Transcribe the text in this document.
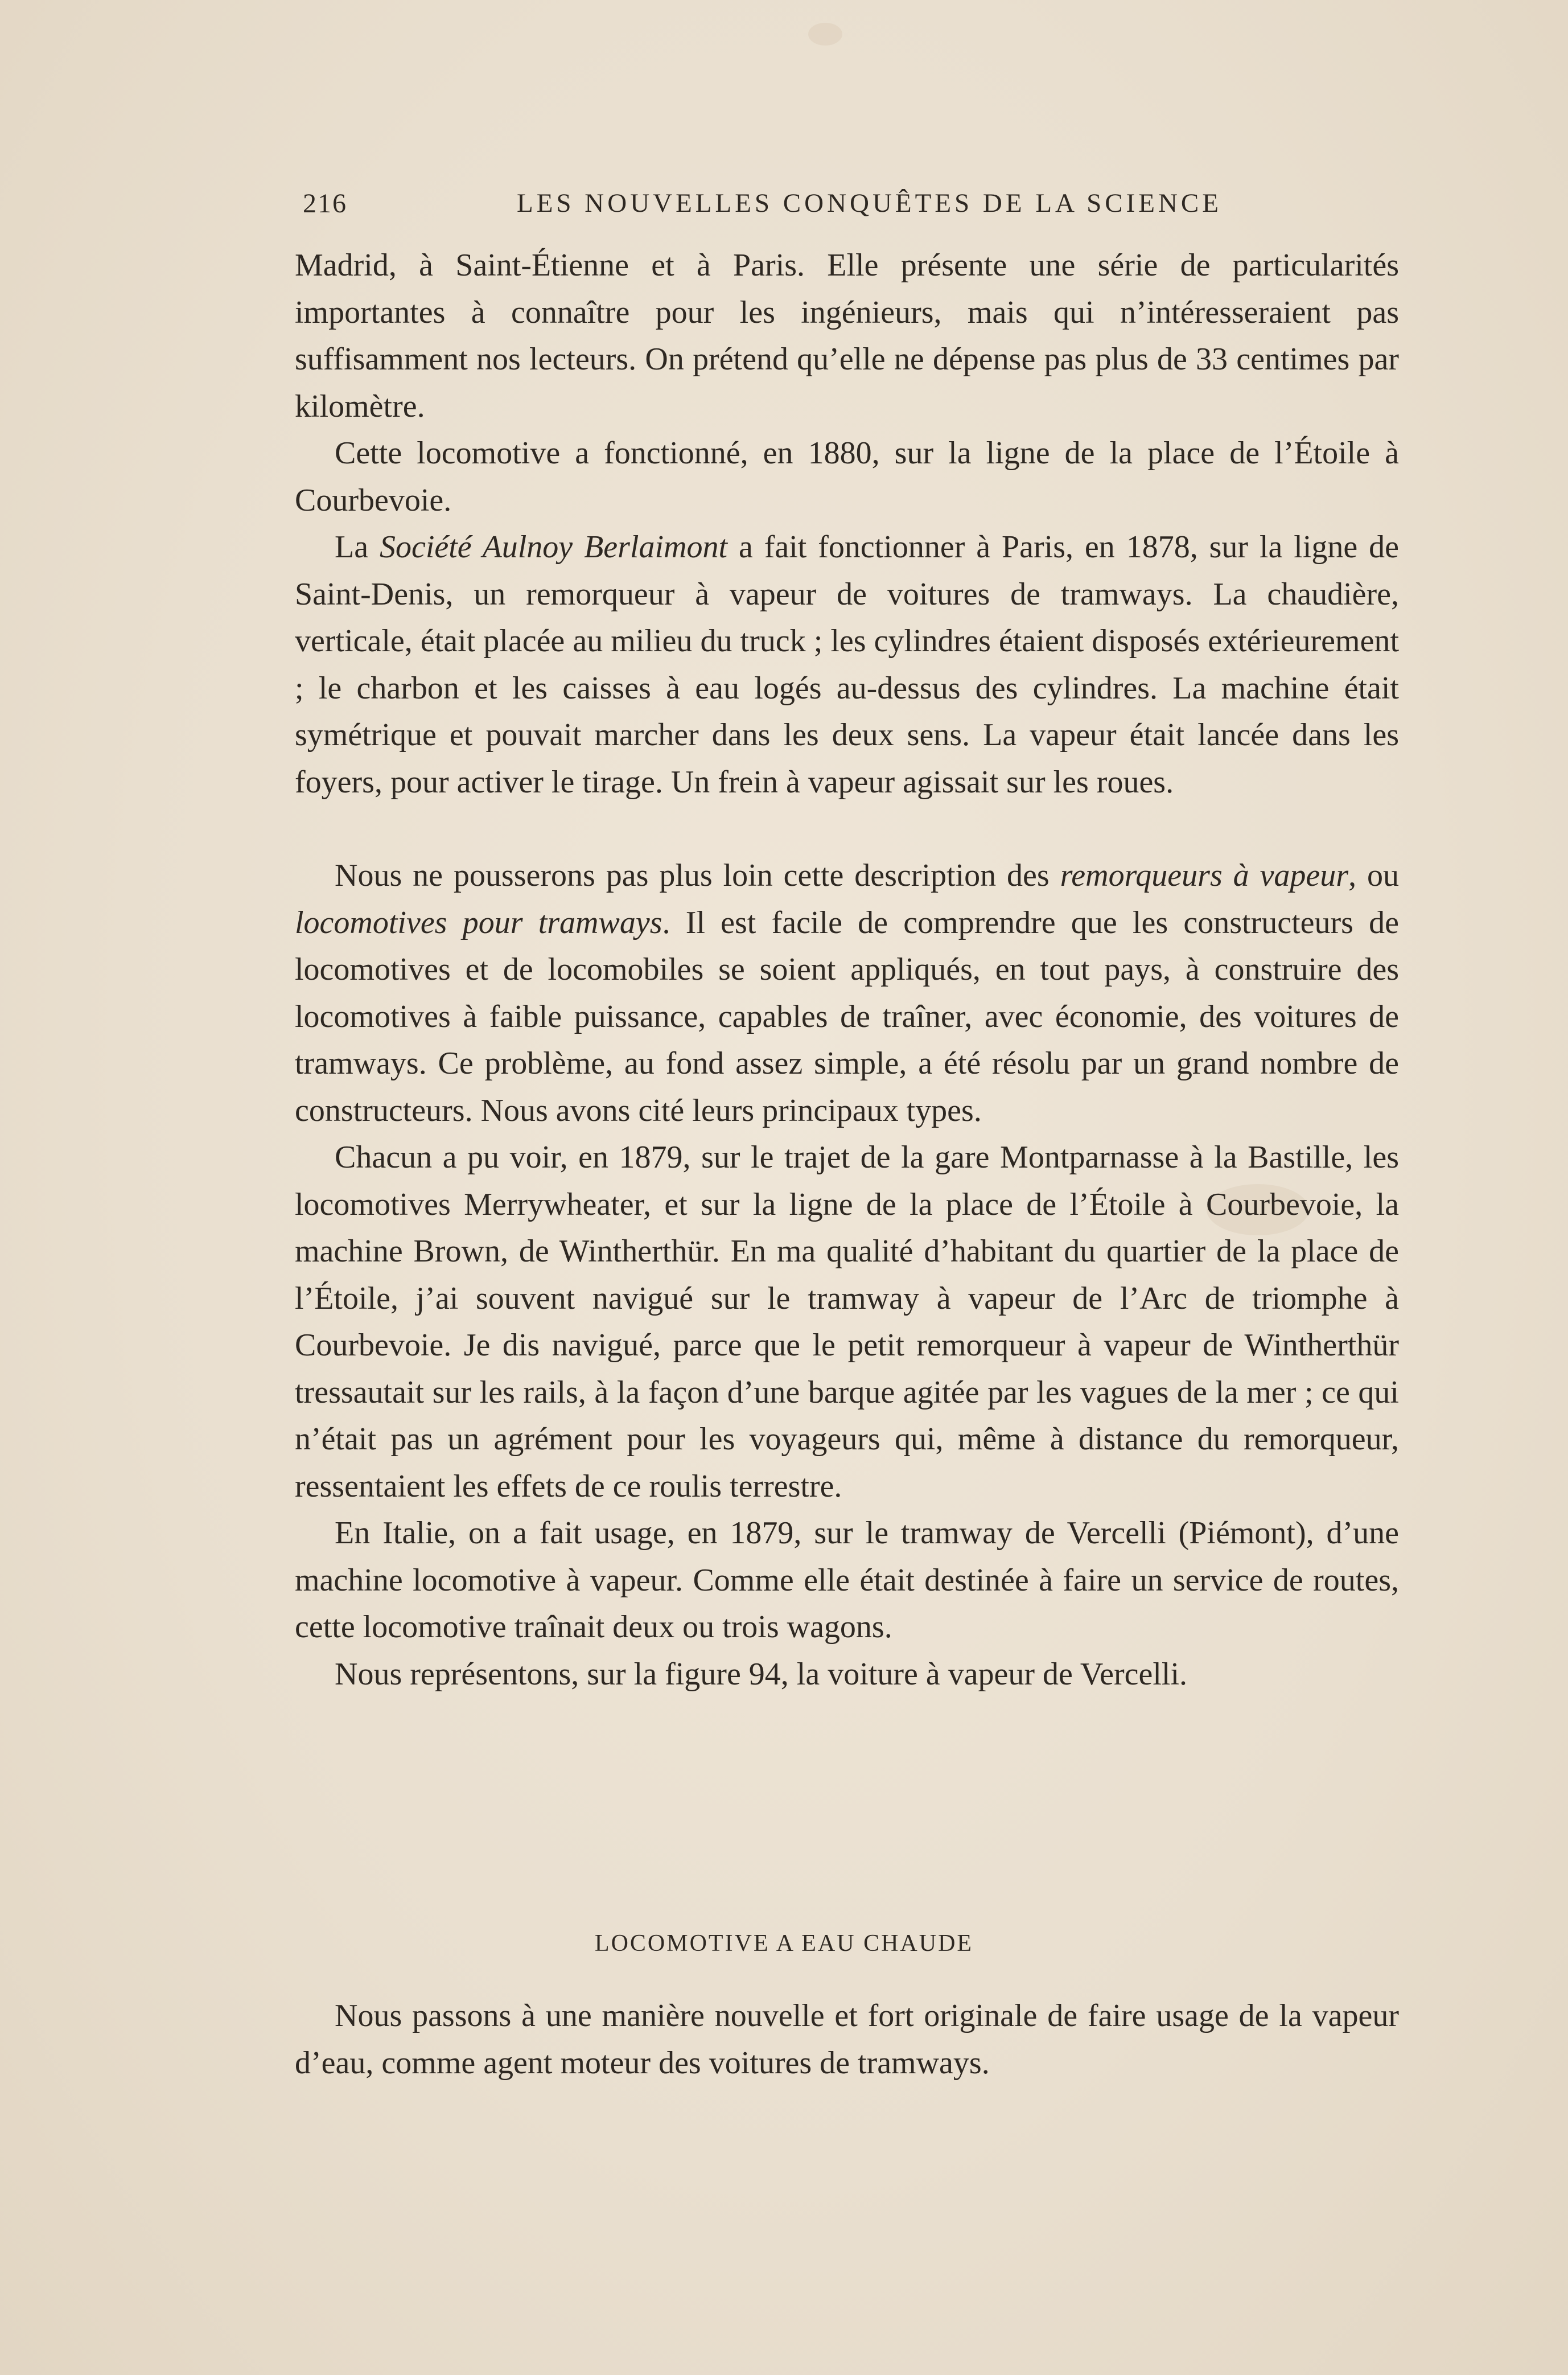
216	LES NOUVELLES CONQUÊTES DE LA SCIENCE

Madrid, à Saint-Étienne et à Paris. Elle présente une série de particularités importantes à connaître pour les ingénieurs, mais qui n’intéresseraient pas suffisamment nos lecteurs. On prétend qu’elle ne dépense pas plus de 33 centimes par kilomètre.

Cette locomotive a fonctionné, en 1880, sur la ligne de la place de l’Étoile à Courbevoie.

La Société Aulnoy Berlaimont a fait fonctionner à Paris, en 1878, sur la ligne de Saint-Denis, un remorqueur à vapeur de voitures de tramways. La chaudière, verticale, était placée au milieu du truck ; les cylindres étaient disposés extérieurement ; le charbon et les caisses à eau logés au-dessus des cylindres. La machine était symétrique et pouvait marcher dans les deux sens. La vapeur était lancée dans les foyers, pour activer le tirage. Un frein à vapeur agissait sur les roues.

Nous ne pousserons pas plus loin cette description des remorqueurs à vapeur, ou locomotives pour tramways. Il est facile de comprendre que les constructeurs de locomotives et de locomobiles se soient appliqués, en tout pays, à construire des locomotives à faible puissance, capables de traîner, avec économie, des voitures de tramways. Ce problème, au fond assez simple, a été résolu par un grand nombre de constructeurs. Nous avons cité leurs principaux types.

Chacun a pu voir, en 1879, sur le trajet de la gare Montparnasse à la Bastille, les locomotives Merrywheater, et sur la ligne de la place de l’Étoile à Courbevoie, la machine Brown, de Wintherthür. En ma qualité d’habitant du quartier de la place de l’Étoile, j’ai souvent navigué sur le tramway à vapeur de l’Arc de triomphe à Courbevoie. Je dis navigué, parce que le petit remorqueur à vapeur de Wintherthür tressautait sur les rails, à la façon d’une barque agitée par les vagues de la mer ; ce qui n’était pas un agrément pour les voyageurs qui, même à distance du remorqueur, ressentaient les effets de ce roulis terrestre.

En Italie, on a fait usage, en 1879, sur le tramway de Vercelli (Piémont), d’une machine locomotive à vapeur. Comme elle était destinée à faire un service de routes, cette locomotive traînait deux ou trois wagons.

Nous représentons, sur la figure 94, la voiture à vapeur de Vercelli.

LOCOMOTIVE A EAU CHAUDE

Nous passons à une manière nouvelle et fort originale de faire usage de la vapeur d’eau, comme agent moteur des voitures de tramways.
